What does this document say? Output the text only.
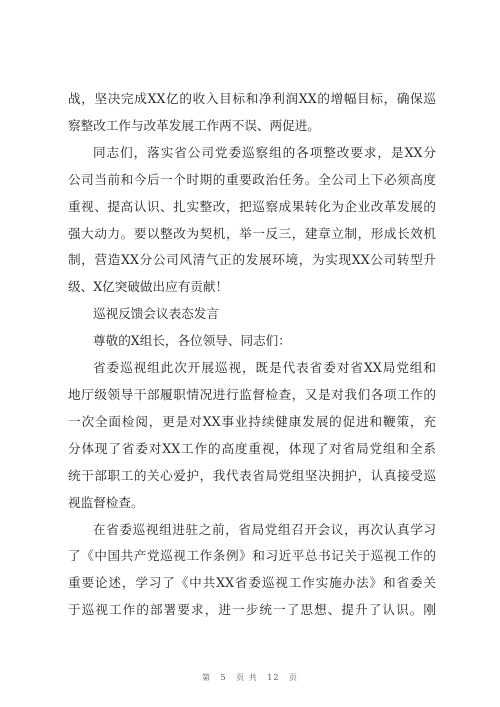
战，坚决完成XX亿的收入目标和净利润XX的增幅目标，确保巡
察整改工作与改革发展工作两不误、两促进。
同志们，落实省公司党委巡察组的各项整改要求，是XX分
公司当前和今后一个时期的重要政治任务。全公司上下必须高度
重视、提高认识、扎实整改，把巡察成果转化为企业改革发展的
强大动力。要以整改为契机，举一反三，建章立制，形成长效机
制，营造XX分公司风清气正的发展环境，为实现XX公司转型升
级、X亿突破做出应有贡献！
巡视反馈会议表态发言
尊敬的X组长，各位领导、同志们：
省委巡视组此次开展巡视，既是代表省委对省XX局党组和
地厅级领导干部履职情况进行监督检查，又是对我们各项工作的
一次全面检阅，更是对XX事业持续健康发展的促进和鞭策，充
分体现了省委对XX工作的高度重视，体现了对省局党组和全系
统干部职工的关心爱护，我代表省局党组坚决拥护，认真接受巡
视监督检查。
在省委巡视组进驻之前，省局党组召开会议，再次认真学习
了《中国共产党巡视工作条例》和习近平总书记关于巡视工作的
重要论述，学习了《中共XX省委巡视工作实施办法》和省委关
于巡视工作的部署要求，进一步统一了思想、提升了认识。刚
第 5 页 共 12 页
